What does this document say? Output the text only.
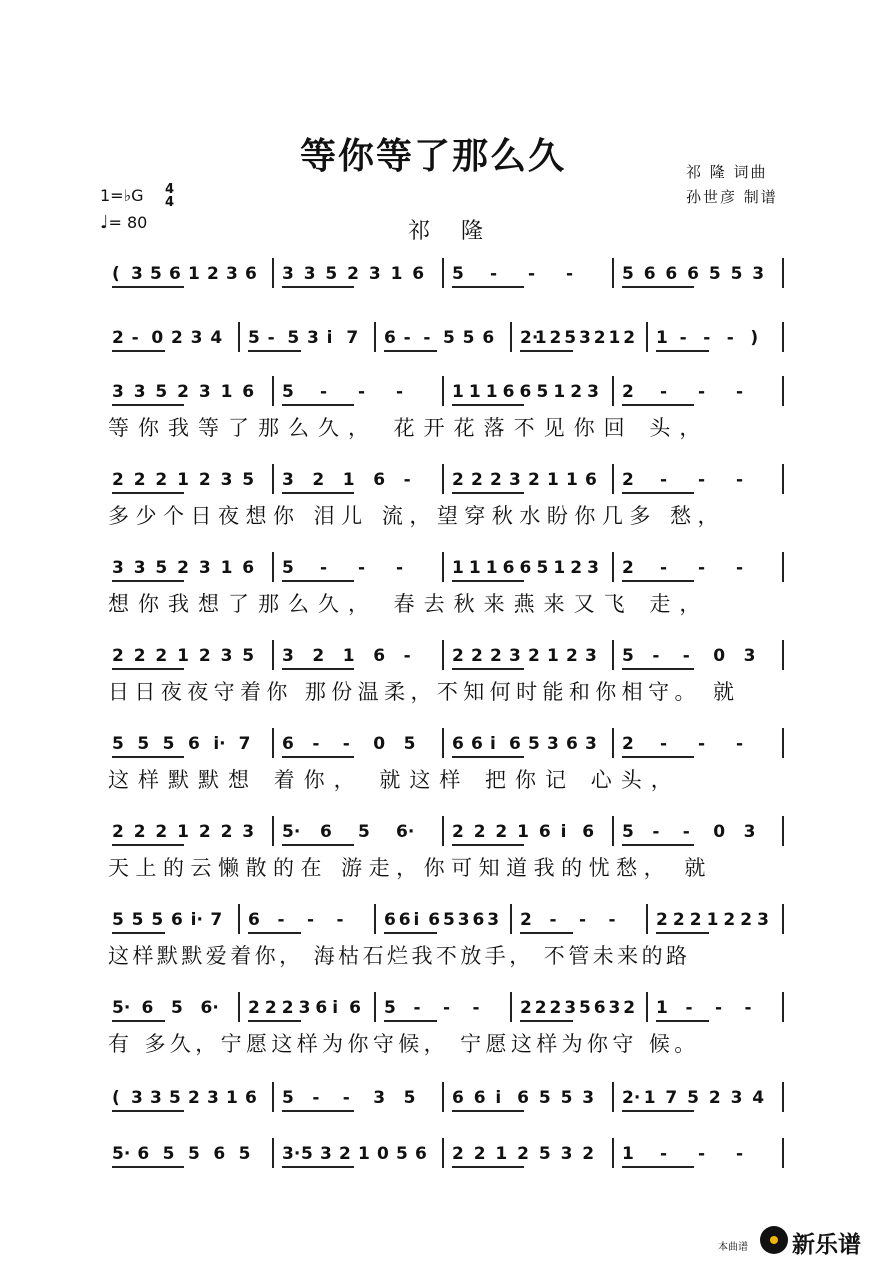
等你等了那么久	祁 隆 词曲
孙世彦 制谱
1=♭G 4
4
♩= 80	祁 隆
( 3 5 6 1 2 3 6 3 3 5 2 3 1 6 5 - - -	5 6 6 6 5 5 3
2 - 0 2 3 4 5 - 5 3 i 7 6 - - 5 5 6 2·
1 2 5 3 2 1 2 1 - - - )
3 3 5 2 3 1 6 5 - - -	1 1 1 6 6 5 1 2 3 2 - - -
等你我等了那么久， 花开花落不见你回 头，
2 2 2 1 2 3 5 3 2 1 6 - 2 2 2 3 2 1 1 6 2 - - -
多少个日夜想你 泪儿 流，望穿秋水盼你几多 愁，
3 3 5 2 3 1 6 5 - - -	1 1 1 6 6 5 1 2 3 2 - - -
想你我想了那么久， 春去秋来燕来又飞 走，
2 2 2 1 2 3 5 3 2 1 6 - 2 2 2 3 2 1 2 3 5 - - 0 3
日日夜夜守着你 那份温柔，不知何时能和你相守。 就
5 5 5 6 i· 7 6 - - 0 5 6 6 i 6 5 3 6 3 2 - - -
这样默默想 着你， 就这样 把你记 心头，
2 2 2 1 2 2 3 5· 6 5 6· 2 2 2 1 6 i 6 5 - - 0 3
天上的云懒散的在 游走，你可知道我的忧愁， 就
5 5 5 6 i· 7 6 - - - 6 6 i 6 5 3 6 3 2 - - - 2 2 2 1 2 2 3
这样默默爱着你， 海枯石烂我不放手， 不管未来的路
5· 6 5 6· 2 2 2 3 6 i 6 5 - - - 2 2 2 3 5 6 3 2 1 - - -
有 多久，宁愿这样为你守候， 宁愿这样为你守 候。
( 3 3 5 2 3 1 6 5 - - 3 5 6 6 i 6 5 5 3 2· 1 7 5 2 3 4
5· 6 5 5 6 5 3· 5 3 2 1 0 5 6 2 2 1 2 5 3 2 1 - - -
本曲谱 新乐谱
